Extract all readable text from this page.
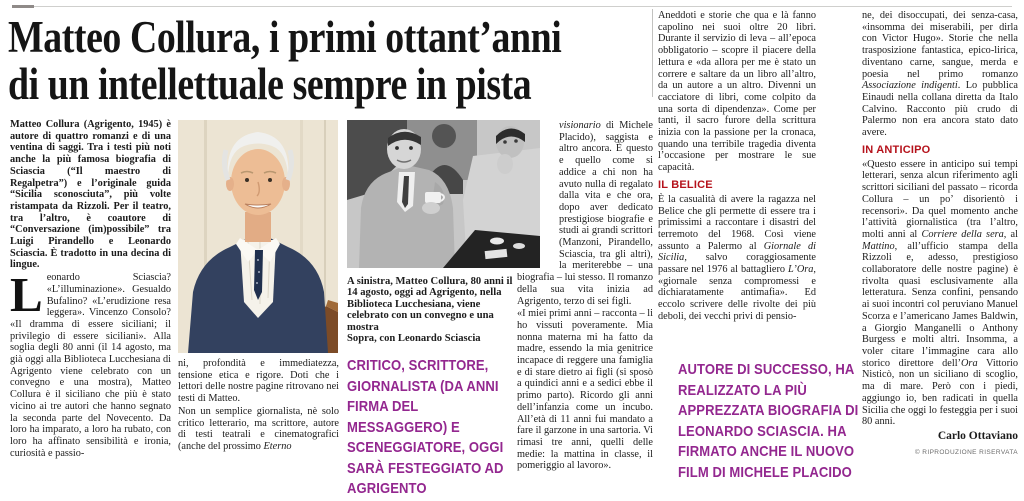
Matteo Collura, i primi ottant’anni
di un intellettuale sempre in pista

Matteo Collura (Agrigento, 1945) è autore di quattro romanzi e di una ventina di saggi. Tra i testi più noti anche la più famosa biografia di Sciascia (“Il maestro di Regalpetra”) e l’originale guida “Sicilia sconosciuta”, più volte ristampata da Rizzoli. Per il teatro, tra l’altro, è coautore di “Conversazione (im)possibile” tra Luigi Pirandello e Leonardo Sciascia. È tradotto in una decina di lingue.

Leonardo Sciascia? «L’illuminazione». Gesualdo Bufalino? «L’erudizione resa leggera». Vincenzo Consolo? «Il dramma di essere siciliani; il privilegio di essere siciliani». Alla soglia degli 80 anni (il 14 agosto, ma già oggi alla Biblioteca Lucchesiana di Agrigento viene celebrato con un convegno e una mostra), Matteo Collura è il siciliano che più è stato vicino ai tre autori che hanno segnato la seconda parte del Novecento. Da loro ha imparato, a loro ha rubato, con loro ha affinato sensibilità e ironia, curiosità e passio-

ni, profondità e immediatezza, tensione etica e rigore. Doti che i lettori delle nostre pagine ritrovano nei testi di Matteo.

Non un semplice giornalista, nè solo critico letterario, ma scrittore, autore di testi teatrali e cinematografici (anche del prossimo Eterno

A sinistra, Matteo Collura, 80 anni il 14 agosto, oggi ad Agrigento, nella Biblioteca Lucchesiana, viene celebrato con un convegno e una mostra

Sopra, con Leonardo Sciascia

CRITICO, SCRITTORE, GIORNALISTA (DA ANNI FIRMA DEL MESSAGGERO) E SCENEGGIATORE, OGGI SARÀ FESTEGGIATO AD AGRIGENTO

visionario di Michele Placido), saggista e altro ancora. È questo e quello come si addice a chi non ha avuto nulla di regalato dalla vita e che ora, dopo aver dedicato prestigiose biografie e studi ai grandi scrittori (Manzoni, Pirandello, Sciascia, tra gli altri), la meriterebbe – una biografia – lui stesso. Il romanzo della sua vita inizia ad Agrigento, terzo di sei figli.

«I miei primi anni – racconta – li ho vissuti poveramente. Mia nonna materna mi ha fatto da madre, essendo la mia genitrice incapace di reggere una famiglia e di stare dietro ai figli (si sposò a quindici anni e a sedici ebbe il primo parto). Ricordo gli anni dell’infanzia come un incubo. All’età di 11 anni fui mandato a fare il garzone in una sartoria. Vi rimasi tre anni, quelli delle medie: la mattina in classe, il pomeriggio al lavoro».

Aneddoti e storie che qua e là fanno capolino nei suoi oltre 20 libri. Durante il servizio di leva – all’epoca obbligatorio – scopre il piacere della lettura e «da allora per me è stato un correre e saltare da un libro all’altro, da un autore a un altro. Divenni un cacciatore di libri, come colpito da una sorta di dipendenza». Come per tanti, il sacro furore della scrittura inizia con la passione per la cronaca, quando una terribile tragedia diventa l’occasione per mostrare le sue capacità.

IL BELICE

È la casualità di avere la ragazza nel Belice che gli permette di essere tra i primissimi a raccontare i disastri del terremoto del 1968. Così viene assunto a Palermo al Giornale di Sicilia, salvo coraggiosamente passare nel 1976 al battagliero L’Ora, «giornale senza compromessi e dichiaratamente antimafia». Ed eccolo scrivere delle rivolte dei più deboli, dei vecchi privi di pensio-

AUTORE DI SUCCESSO, HA REALIZZATO LA PIÙ APPREZZATA BIOGRAFIA DI LEONARDO SCIASCIA. HA FIRMATO ANCHE IL NUOVO FILM DI MICHELE PLACIDO

ne, dei disoccupati, dei senza-casa, «insomma dei miserabili, per dirla con Victor Hugo». Storie che nella trasposizione fantastica, epico-lirica, diventano carne, sangue, merda e poesia nel primo romanzo Associazione indigenti. Lo pubblica Einaudi nella collana diretta da Italo Calvino. Racconto più crudo di Palermo non era ancora stato dato avere.

IN ANTICIPO

«Questo essere in anticipo sui tempi letterari, senza alcun riferimento agli scrittori siciliani del passato – ricorda Collura – un po’ disorientò i recensori». Da quel momento anche l’attività giornalistica (tra l’altro, molti anni al Corriere della sera, al Mattino, all’ufficio stampa della Rizzoli e, adesso, prestigioso collaboratore delle nostre pagine) è rivolta quasi esclusivamente alla letteratura. Senza confini, pensando ai suoi incontri col peruviano Manuel Scorza e l’americano James Baldwin, a Giorgio Manganelli o Anthony Burgess e molti altri. Insomma, a voler citare l’immagine cara allo storico direttore dell’Ora Vittorio Nisticò, non un siciliano di scoglio, ma di mare. Però con i piedi, aggiungo io, ben radicati in quella Sicilia che oggi lo festeggia per i suoi 80 anni.

Carlo Ottaviano
© RIPRODUZIONE RISERVATA
